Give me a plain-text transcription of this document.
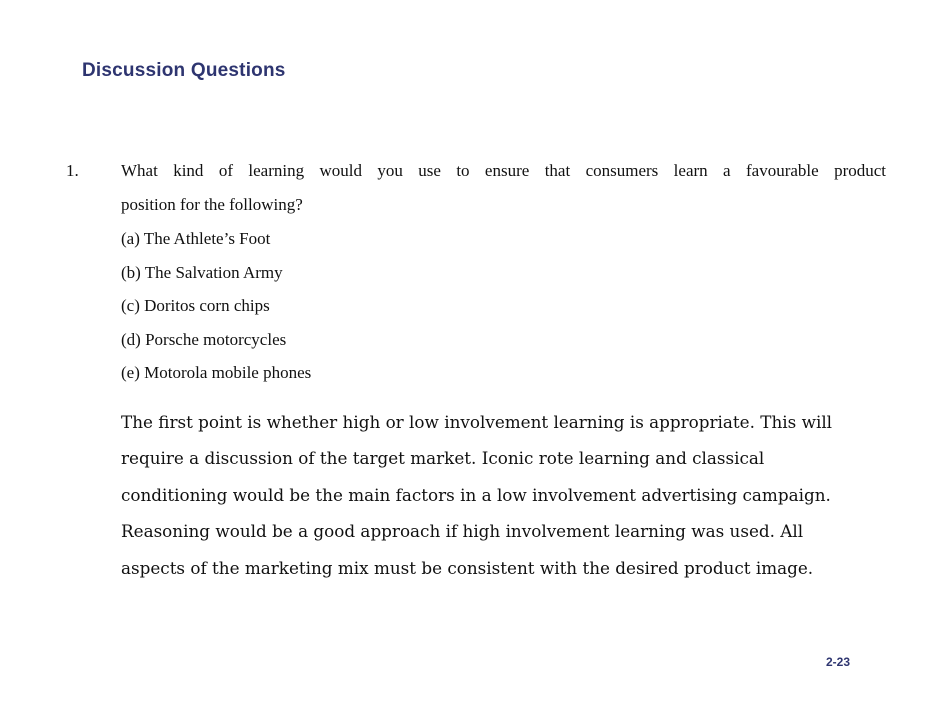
Discussion Questions
1. What kind of learning would you use to ensure that consumers learn a favourable product
position for the following?

(a) The Athlete’s Foot
(b) The Salvation Army
(c) Doritos corn chips
(d) Porsche motorcycles
(e) Motorola mobile phones
The first point is whether high or low involvement learning is appropriate. This will
require a discussion of the target market. Iconic rote learning and classical
conditioning would be the main factors in a low involvement advertising campaign.
Reasoning would be a good approach if high involvement learning was used. All
aspects of the marketing mix must be consistent with the desired product image.
2-23
